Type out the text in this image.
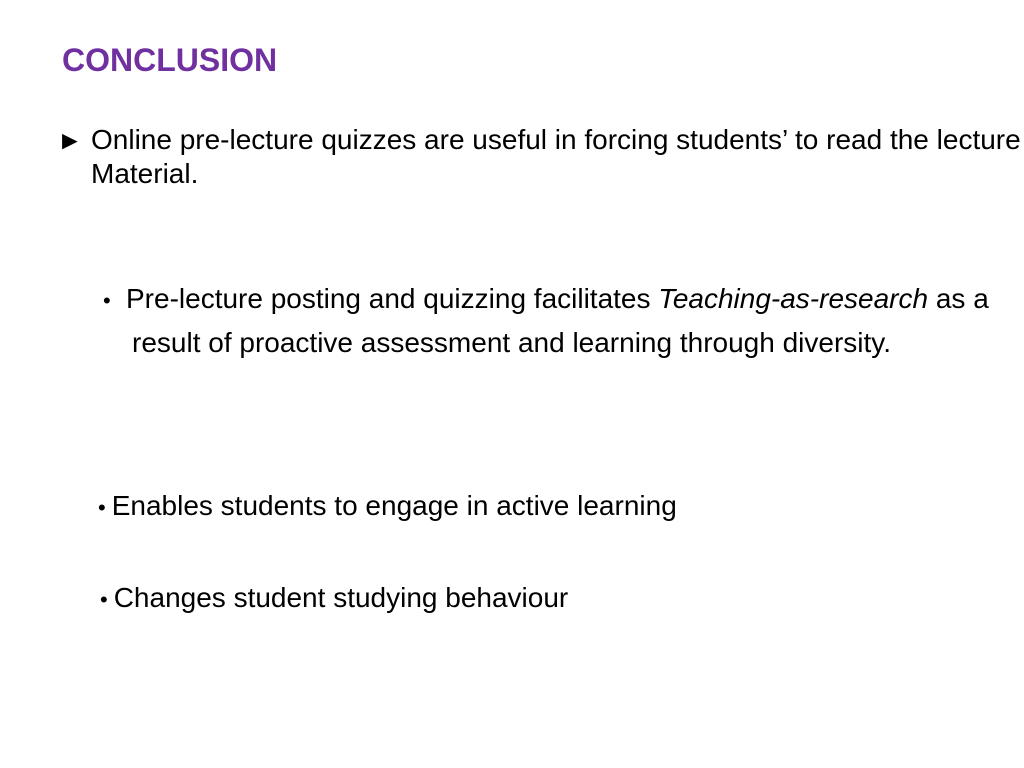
CONCLUSION
► Online pre-lecture quizzes are useful in forcing students’ to read the lecture Material.
• Pre-lecture posting and quizzing facilitates Teaching-as-research as a result of proactive assessment and learning through diversity.
• Enables students to engage in active learning
• Changes student studying behaviour
